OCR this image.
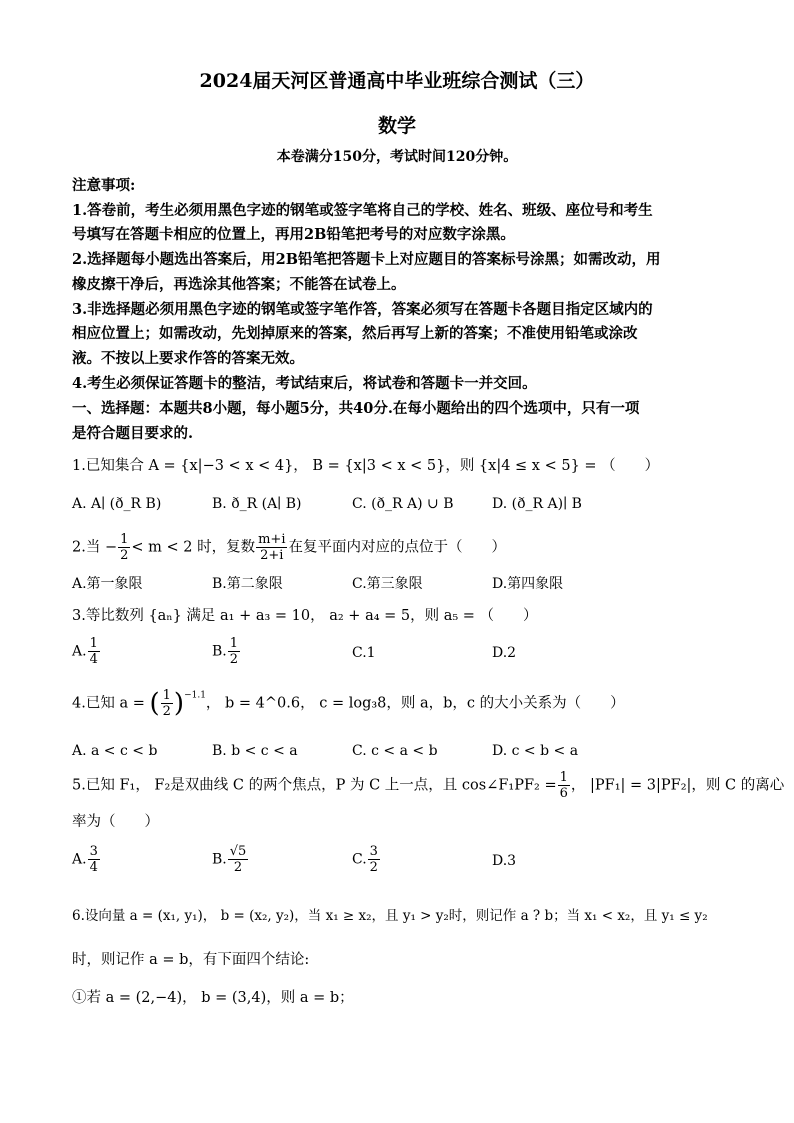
2024届天河区普通高中毕业班综合测试（三）
数学
本卷满分150分，考试时间120分钟。
注意事项:
1.答卷前，考生必须用黑色字迹的钢笔或签字笔将自己的学校、姓名、班级、座位号和考生
号填写在答题卡相应的位置上，再用2B铅笔把考号的对应数字涂黑。
2.选择题每小题选出答案后，用2B铅笔把答题卡上对应题目的答案标号涂黑；如需改动，用
橡皮擦干净后，再选涂其他答案；不能答在试卷上。
3.非选择题必须用黑色字迹的钢笔或签字笔作答，答案必须写在答题卡各题目指定区域内的
相应位置上；如需改动，先划掉原来的答案，然后再写上新的答案；不准使用铅笔或涂改
液。不按以上要求作答的答案无效。
4.考生必须保证答题卡的整洁，考试结束后，将试卷和答题卡一并交回。
一、选择题：本题共8小题，每小题5分，共40分.在每小题给出的四个选项中，只有一项
是符合题目要求的.
1.已知集合 A = {x|−3 < x < 4}， B = {x|3 < x < 5}，则 {x|4 ≤ x < 5} = （　　）
A. A∣ (ð_R B)	B. ð_R (A∣ B)	C. (ð_R A) ∪ B	D. (ð_R A)∣ B
2.当 − $\frac{1}{2} < m < 2$ 时，复数 $\frac{m+i}{2+i}$ 在复平面内对应的点位于（　　）
A.第一象限	B.第二象限	C.第三象限	D.第四象限
3.等比数列 {aₙ} 满足 a₁ + a₃ = 10， a₂ + a₄ = 5，则 a₅ = （　　）
A. $\frac{1}{4}$	B. $\frac{1}{2}$	C.1	D.2
4.已知 a = ( $\frac{1}{2} )^{-1.1}$， b = 4^0.6， c = log₃8，则 a，b，c 的大小关系为（　　）
A. a < c < b	B. b < c < a	C. c < a < b	D. c < b < a
5.已知 F₁， F₂是双曲线 C 的两个焦点，P 为 C 上一点，且 cos∠F₁PF₂ = $\frac{1}{6}$ ， |PF₁| = 3|PF₂|，则 C 的离心
率为（　　）
A. $\frac{3}{4}$	B. $\frac{√5}{2}$	C. $\frac{3}{2}$	D.3
6.设向量 a = (x₁, y₁)， b = (x₂, y₂)，当 x₁ ≥ x₂，且 y₁ > y₂时，则记作 a ? b；当 x₁ < x₂，且 y₁ ≤ y₂
时，则记作 a = b，有下面四个结论:
①若 a = (2,−4)， b = (3,4)，则 a = b；
